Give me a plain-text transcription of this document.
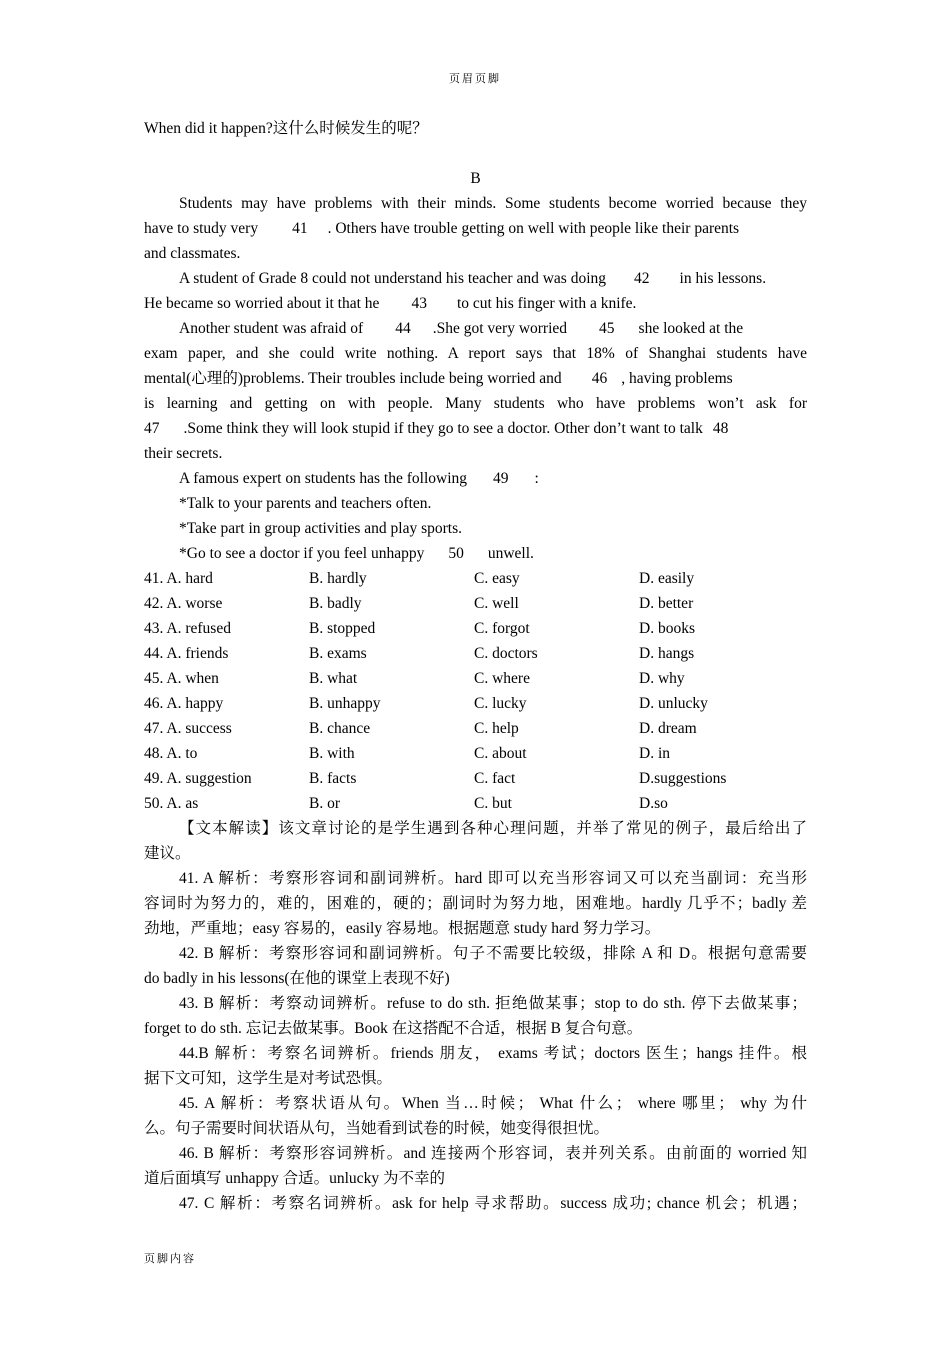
页眉页脚
When did it happen?这什么时候发生的呢？
B
Students may have problems with their minds. Some students become worried because they
have to study very 41 . Others have trouble getting on well with people like their parents
and classmates.
A student of Grade 8 could not understand his teacher and was doing 42 in his lessons.
He became so worried about it that he 43 to cut his finger with a knife.
Another student was afraid of 44 .She got very worried 45 she looked at the
exam paper, and she could write nothing. A report says that 18% of Shanghai students have
mental(心理的)problems. Their troubles include being worried and 46 , having problems
is learning and getting on with people. Many students who have problems won’t ask for
47 .Some think they will look stupid if they go to see a doctor. Other don’t want to talk 48
their secrets.
A famous expert on students has the following 49 :
*Talk to your parents and teachers often.
*Take part in group activities and play sports.
*Go to see a doctor if you feel unhappy 50 unwell.
41. A. hard	B. hardly	C. easy	D. easily
42. A. worse	B. badly	C. well	D. better
43. A. refused	B. stopped	C. forgot	D. books
44. A. friends	B. exams	C. doctors	D. hangs
45. A. when	B. what	C. where	D. why
46. A. happy	B. unhappy	C. lucky	D. unlucky
47. A. success	B. chance	C. help	D. dream
48. A. to	B. with	C. about	D. in
49. A. suggestion	B. facts	C. fact	D.suggestions
50. A. as	B. or	C. but	D.so
【文本解读】该文章讨论的是学生遇到各种心理问题，并举了常见的例子，最后给出了
建议。
41. A 解析：考察形容词和副词辨析。hard 即可以充当形容词又可以充当副词：充当形
容词时为努力的，难的，困难的，硬的；副词时为努力地，困难地。hardly 几乎不；badly 差
劲地，严重地；easy 容易的，easily 容易地。根据题意 study hard 努力学习。
42. B 解析：考察形容词和副词辨析。句子不需要比较级，排除 A 和 D。根据句意需要
do badly in his lessons(在他的课堂上表现不好)
43. B 解析：考察动词辨析。refuse to do sth. 拒绝做某事；stop to do sth. 停下去做某事；
forget to do sth. 忘记去做某事。Book 在这搭配不合适，根据 B 复合句意。
44.B 解析：考察名词辨析。friends 朋友， exams 考试；doctors 医生；hangs 挂件。根
据下文可知，这学生是对考试恐惧。
45. A 解析：考察状语从句。When 当…时候； What 什么； where 哪里； why 为什
么。句子需要时间状语从句，当她看到试卷的时候，她变得很担忧。
46. B 解析：考察形容词辨析。and 连接两个形容词，表并列关系。由前面的 worried 知
道后面填写 unhappy 合适。unlucky 为不幸的
47. C 解析：考察名词辨析。ask for help 寻求帮助。success 成功; chance 机会；机遇；
页脚内容
